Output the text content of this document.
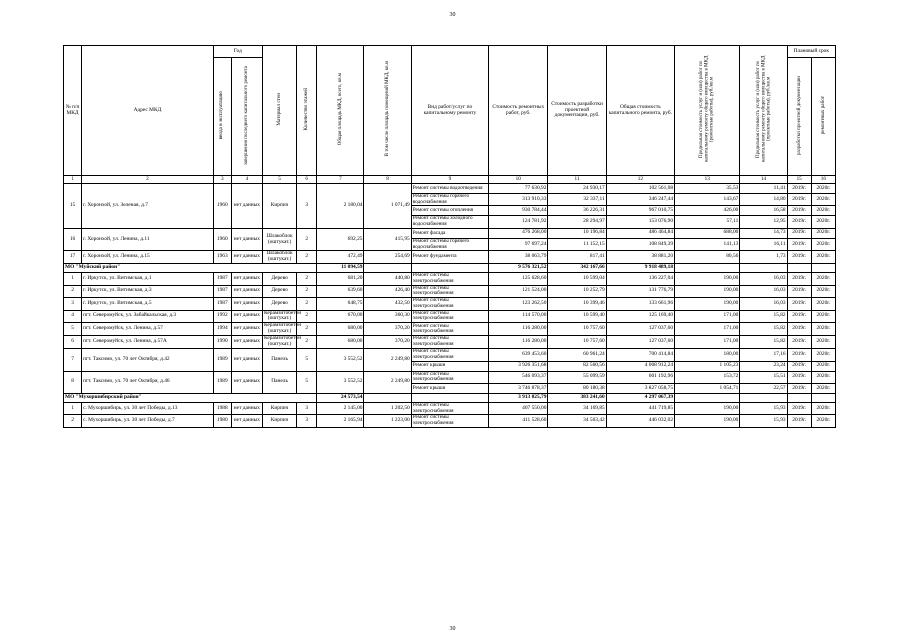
30
№ п/п МКД	Адрес МКД	Год		Материал стен	Количество этажей	Общая площадь МКД, всего, кв.м	В том числе площадь помещений МКД, кв.м	Вид работ/услуг по капитальному ремонту	Стоимость ремонтных работ, руб.	Стоимость разработки проектной документации, руб.	Общая стоимость капитального ремонта, руб.	Предельная стоимость услуг и (или) работ по капитальному ремонту общего имущества в МКД (ремонтные работы), руб./кв.м	Предельная стоимость услуг и (или) работ по капитальному ремонту общего имущества в МКД (проектные работы), руб./кв.м	Плановый срок	
		ввода в эксплуатацию	завершения последнего капитального ремонта											разработки проектной документации	ремонтных работ
1	2	3	4	5	6	7	8	9	10	11	12	13	14	15	16
15	г. Хоронхой, ул. Зеленая, д.7	1960	нет данных	Кирпич	3	2 180,04	1 071,49	Ремонт системы водоотведения	77 630,92	24 930,17	102 561,08	35,53	11,41	2019г.	2020г.
								Ремонт системы горячего водоснабжения	313 910,33	32 337,11	346 247,44	143,67	14,80	2019г.	2020г.
								Ремонт системы отопления	930 784,44	36 226,31	967 010,75	426,00	16,58	2019г.	2020г.
								Ремонт системы холодного водоснабжения	124 781,92	28 294,97	153 076,90	57,11	12,95	2019г.	2020г.
16	г. Хоронхой, ул. Ленина, д.11	1960	нет данных	Шлакоблок (оштукат.)	2	692,25	415,95	Ремонт фасада	476 268,00	10 196,84	486 464,84	688,00	14,73	2019г.	2020г.
								Ремонт системы горячего водоснабжения	97 697,24	11 152,15	108 849,39	141,13	16,11	2019г.	2020г.
17	г. Хоронхой, ул. Ленина, д.15	1963	нет данных	Шлакоблок (оштукат.)	2	472,49	254,69	Ремонт фундамента	38 063,79	817,41	38 881,20	80,56	1,73	2019г.	2020г.
МО "Муйский район"						11 094,59			9 576 321,52	342 167,66	9 918 489,18				
1	г. Иркутск, ул. Витимская, д.1	1987	нет данных	Дерево	2	681,20	440,80	Ремонт системы электроснабжения	125 628,60	10 599,04	136 227,04	190,00	16,03	2019г.	2020г.
2	г. Иркутск, ул. Витимская, д.3	1987	нет данных	Дерево	2	639,60	426,40	Ремонт системы электроснабжения	121 524,00	10 252,79	131 776,79	190,00	16,03	2019г.	2020г.
3	г. Иркутск, ул. Витимская, д.5	1987	нет данных	Дерево	2	648,75	432,50	Ремонт системы электроснабжения	123 262,50	10 399,46	133 661,96	190,00	16,03	2019г.	2020г.
4	пгт. Северомуйск, ул. Забайкальская, д.3	1992	нет данных	Керамзитобетон (оштукат.)	2	670,00	360,30	Ремонт системы электроснабжения	114 570,00	10 599,40	125 169,40	171,00	15,82	2019г.	2020г.
5	пгт. Северомуйск, ул. Ленина, д.57	1994	нет данных	Керамзитобетон (оштукат.)	2	680,00	370,20	Ремонт системы электроснабжения	116 280,00	10 757,60	127 037,60	171,00	15,82	2019г.	2020г.
6	пгт. Северомуйск, ул. Ленина, д.57А	1990	нет данных	Керамзитобетон (оштукат.)	2	680,00	370,20	Ремонт системы электроснабжения	116 280,00	10 757,60	127 037,60	171,00	15,82	2019г.	2020г.
7	пгт. Таксимо, ул. 70 лет Октября, д.42	1989	нет данных	Панель	5	3 552,52	2 249,80	Ремонт системы электроснабжения	639 453,60	60 961,24	700 414,84	180,00	17,16	2019г.	2020г.
								Ремонт крыши	3 926 351,68	82 560,56	4 008 912,24	1 105,23	23,24	2019г.	2020г.
8	пгт. Таксимо, ул. 70 лет Октября, д.46	1989	нет данных	Панель	5	3 552,52	2 249,80	Ремонт системы электроснабжения	546 093,37	55 099,59	601 192,96	153,72	15,51	2019г.	2020г.
								Ремонт крыши	3 746 878,37	80 180,38	3 827 058,75	1 054,71	22,57	2019г.	2020г.
МО "Мухоршибирский район"						24 573,54			3 913 825,79	383 241,60	4 297 067,39				
1	с. Мухоршибирь, ул. 30 лет Победы, д.13	1988	нет данных	Кирпич	3	2 145,00	1 202,50	Ремонт системы электроснабжения	407 550,00	34 169,85	441 719,85	190,00	15,93	2019г.	2020г.
2	с. Мухоршибирь, ул. 30 лет Победы, д.7	1980	нет данных	Кирпич	3	2 165,94	1 223,00	Ремонт системы электроснабжения	411 528,60	34 503,42	446 032,02	190,00	15,93	2019г.	2020г.
30
